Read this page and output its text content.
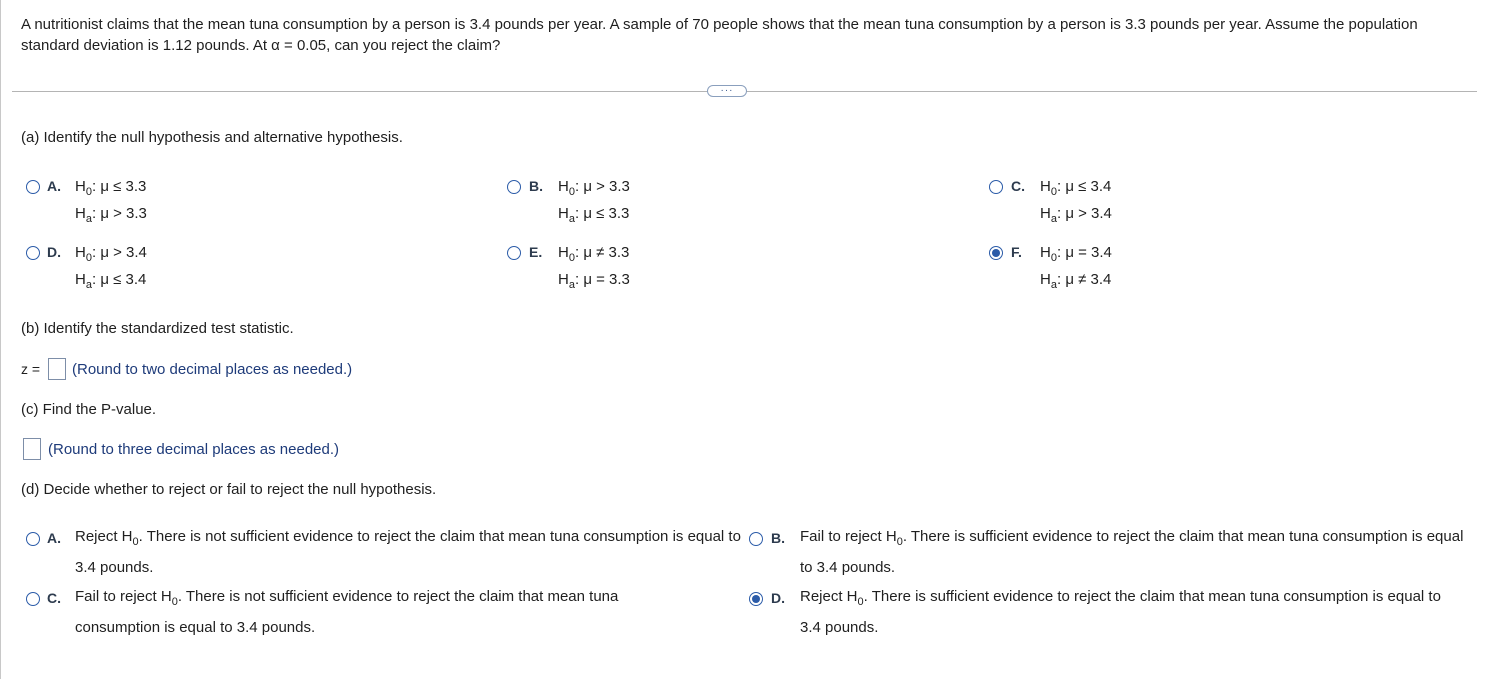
A nutritionist claims that the mean tuna consumption by a person is 3.4 pounds per year. A sample of 70 people shows that the mean tuna consumption by a person is 3.3 pounds per year. Assume the population standard deviation is 1.12 pounds. At α = 0.05, can you reject the claim?
···
(a) Identify the null hypothesis and alternative hypothesis.
A. $H_0$: μ ≤ 3.3
$H_a$: μ > 3.3
B. $H_0$: μ > 3.3
$H_a$: μ ≤ 3.3
C. $H_0$: μ ≤ 3.4
$H_a$: μ > 3.4
D. $H_0$: μ > 3.4
$H_a$: μ ≤ 3.4
E. $H_0$: μ ≠ 3.3
$H_a$: μ = 3.3
F. $H_0$: μ = 3.4
$H_a$: μ ≠ 3.4
(b) Identify the standardized test statistic.
z = (Round to two decimal places as needed.)
(c) Find the P-value.
(Round to three decimal places as needed.)
(d) Decide whether to reject or fail to reject the null hypothesis.
A. Reject $H_0$. There is not sufficient evidence to reject the claim that mean tuna consumption is equal to 3.4 pounds.
B. Fail to reject $H_0$. There is sufficient evidence to reject the claim that mean tuna consumption is equal to 3.4 pounds.
C. Fail to reject $H_0$. There is not sufficient evidence to reject the claim that mean tuna consumption is equal to 3.4 pounds.
D. Reject $H_0$. There is sufficient evidence to reject the claim that mean tuna consumption is equal to 3.4 pounds.
